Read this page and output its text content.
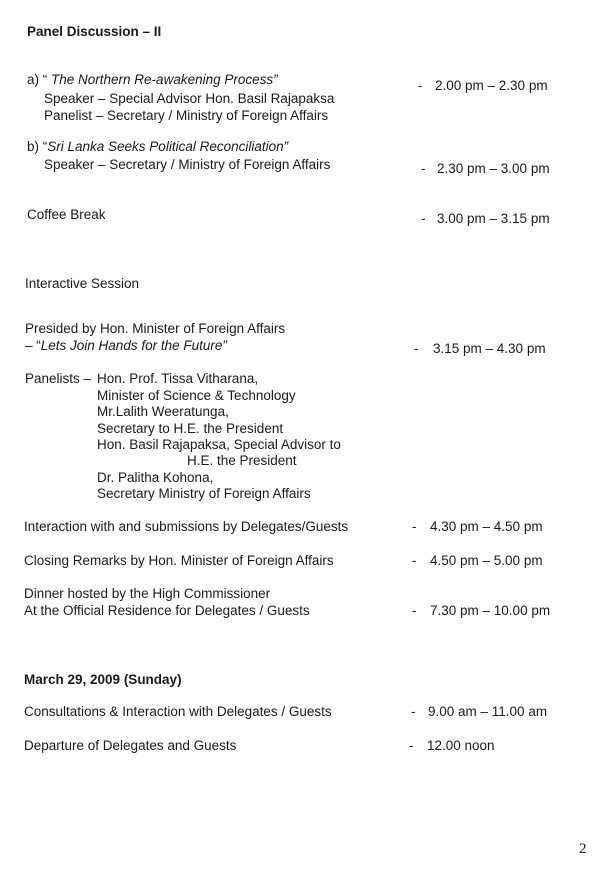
Panel Discussion – II
a) “ The Northern Re-awakening Process”
Speaker – Special Advisor Hon. Basil Rajapaksa
Panelist – Secretary / Ministry of Foreign Affairs
- 2.00 pm – 2.30 pm
b) “Sri Lanka Seeks Political Reconciliation”
Speaker – Secretary / Ministry of Foreign Affairs	- 2.30 pm – 3.00 pm
Coffee Break	- 3.00 pm – 3.15 pm
Interactive Session
Presided by Hon. Minister of Foreign Affairs
– “Lets Join Hands for the Future”	- 3.15 pm – 4.30 pm
Panelists – Hon. Prof. Tissa Vitharana,
Minister of Science & Technology
Mr.Lalith Weeratunga,
Secretary to H.E. the President
Hon. Basil Rajapaksa, Special Advisor to
H.E. the President
Dr. Palitha Kohona,
Secretary Ministry of Foreign Affairs
Interaction with and submissions by Delegates/Guests	- 4.30 pm – 4.50 pm
Closing Remarks by Hon. Minister of Foreign Affairs	- 4.50 pm – 5.00 pm
Dinner hosted by the High Commissioner
At the Official Residence for Delegates / Guests	- 7.30 pm – 10.00 pm
March 29, 2009 (Sunday)
Consultations & Interaction with Delegates / Guests	- 9.00 am – 11.00 am
Departure of Delegates and Guests	- 12.00 noon
2
